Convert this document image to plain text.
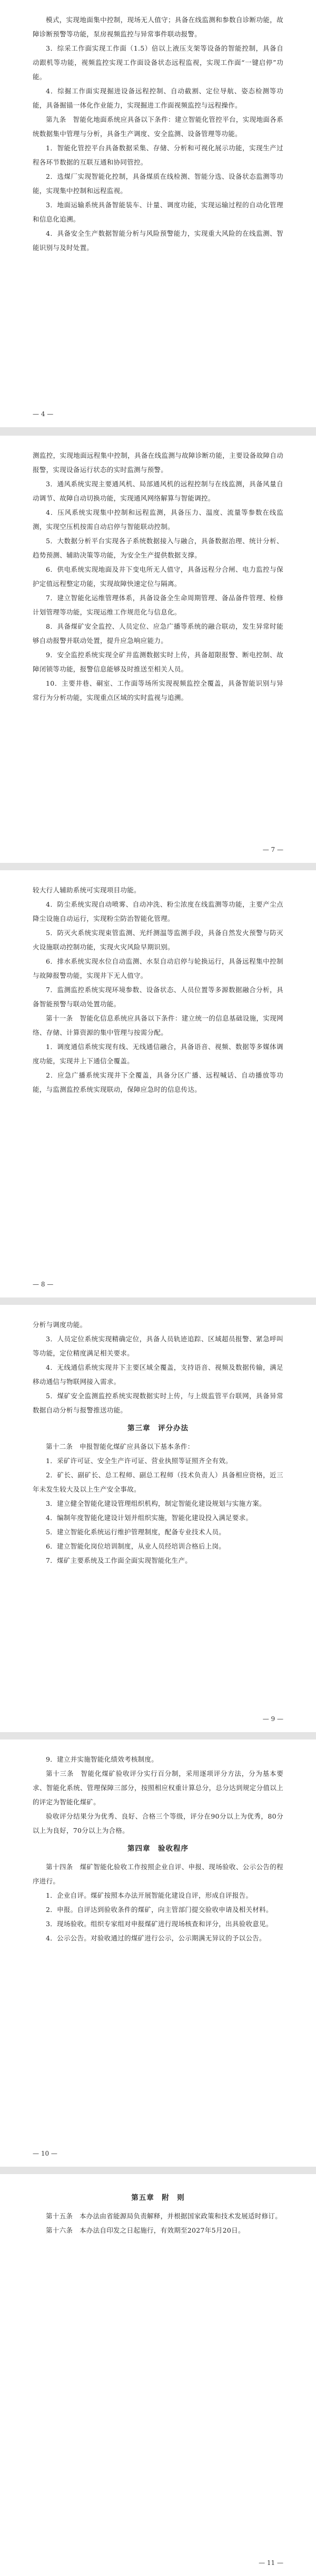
模式，实现地面集中控制，现场无人值守；具备在线监测和参数自诊断功能，故障诊断预警等功能，泵房视频监控与异常事件联动报警。

3．综采工作面实现工作面（1.5）倍以上液压支架等设备的智能控制，具备自动跟机等功能，视频监控实现工作面设备状态远程监视，实现工作面“一键启停”功能。

4．综掘工作面实现掘进设备远程控制、自动截割、定位导航、姿态检测等功能，具备掘锚一体化作业能力，实现掘进工作面视频监控与远程操作。

第九条　智能化地面系统应具备以下条件：建立智能化管控平台，实现地面各系统数据集中管理与分析，具备生产调度、安全监测、设备管理等功能。

1．智能化管控平台具备数据采集、存储、分析和可视化展示功能，实现生产过程各环节数据的互联互通和协同管控。

2．选煤厂实现智能化控制，具备煤质在线检测、智能分选、设备状态监测等功能，实现集中控制和远程监视。

3．地面运输系统具备智能装车、计量、调度功能，实现运输过程的自动化管理和信息化追溯。

4．具备安全生产数据智能分析与风险预警能力，实现重大风险的在线监测、智能识别与及时处置。

— 4 —

测监控，实现地面远程集中控制，具备在线监测与故障诊断功能，主要设备故障自动报警，实现设备运行状态的实时监测与预警。

3．通风系统实现主要通风机、局部通风机的远程控制与在线监测，具备风量自动调节、故障自动切换功能，实现通风网络解算与智能调控。

4．压风系统实现集中控制和远程监测，具备压力、温度、流量等参数在线监测，实现空压机按需自动启停与智能联动控制。

5．大数据分析平台实现各子系统数据接入与融合，具备数据治理、统计分析、趋势预测、辅助决策等功能，为安全生产提供数据支撑。

6．供电系统实现地面及井下变电所无人值守，具备远程分合闸、电力监控与保护定值远程整定功能，实现故障快速定位与隔离。

7．建立智能化运维管理体系，具备设备全生命周期管理、备品备件管理、检修计划管理等功能，实现运维工作规范化与信息化。

8．具备煤矿安全监控、人员定位、应急广播等系统的融合联动，发生异常时能够自动报警并联动处置，提升应急响应能力。

9．安全监控系统实现全矿井监测数据实时上传，具备超限报警、断电控制、故障闭锁等功能，报警信息能够及时推送至相关人员。

10．主要井巷、硐室、工作面等场所实现视频监控全覆盖，具备智能识别与异常行为分析功能，实现重点区域的实时监视与追溯。

— 7 —

较大行人辅助系统可实现项目功能。

4．防尘系统实现自动喷雾、自动冲洗、粉尘浓度在线监测等功能，主要产尘点降尘设施自动运行，实现粉尘防治智能化管理。

5．防灭火系统实现束管监测、光纤测温等监测手段，具备自然发火预警与防灭火设施联动控制功能，实现火灾风险早期识别。

6．排水系统实现水位自动监测、水泵自动启停与轮换运行，具备远程集中控制与故障报警功能，实现井下无人值守。

7．监测监控系统实现环境参数、设备状态、人员位置等多源数据融合分析，具备智能预警与联动处置功能。

第十一条　智能化信息系统应具备以下条件：建立统一的信息基础设施，实现网络、存储、计算资源的集中管理与按需分配。

1．调度通信系统实现有线、无线通信融合，具备语音、视频、数据等多媒体调度功能，实现井上下通信全覆盖。

2．应急广播系统实现井下全覆盖，具备分区广播、远程喊话、自动播放等功能，与监测监控系统实现联动，保障应急时的信息传达。

— 8 —

分析与调度功能。

3．人员定位系统实现精确定位，具备人员轨迹追踪、区域超员报警、紧急呼叫等功能，定位精度满足相关要求。

4．无线通信系统实现井下主要区域全覆盖，支持语音、视频及数据传输，满足移动通信与物联网接入需求。

5．煤矿安全监测监控系统实现数据实时上传，与上级监管平台联网，具备异常数据自动分析与报警推送功能。

第三章　评分办法

第十二条　申报智能化煤矿应具备以下基本条件：

1．采矿许可证、安全生产许可证、营业执照等证照齐全有效。

2．矿长、副矿长、总工程师、副总工程师（技术负责人）具备相应资格，近三年未发生较大及以上生产安全事故。

3．建立健全智能化建设管理组织机构，制定智能化建设规划与实施方案。

4．编制年度智能化建设计划并组织实施，智能化建设投入满足要求。

5．建立智能化系统运行维护管理制度，配备专业技术人员。

6．建立智能化岗位培训制度，从业人员经培训合格后上岗。

7．煤矿主要系统及工作面全面实现智能化生产。

— 9 —

9．建立并实施智能化绩效考核制度。

第十三条　智能化煤矿验收评分实行百分制，采用逐项评分方法，分为基本要求、智能化系统、管理保障三部分，按照相应权重计算总分，总分达到规定分值以上的评定为智能化煤矿。

验收评分结果分为优秀、良好、合格三个等级，评分在90分以上为优秀，80分以上为良好，70分以上为合格。

第四章　验收程序

第十四条　煤矿智能化验收工作按照企业自评、申报、现场验收、公示公告的程序进行。

1．企业自评。煤矿按照本办法开展智能化建设自评，形成自评报告。

2．申报。自评达到验收条件的煤矿，向主管部门提交验收申请及相关材料。

3．现场验收。组织专家组对申报煤矿进行现场核查和评分，出具验收意见。

4．公示公告。对验收通过的煤矿进行公示，公示期满无异议的予以公告。

— 10 —
第五章　附　则

第十五条　本办法由省能源局负责解释，并根据国家政策和技术发展适时修订。

第十六条　本办法自印发之日起施行，有效期至2027年5月20日。

— 11 —
